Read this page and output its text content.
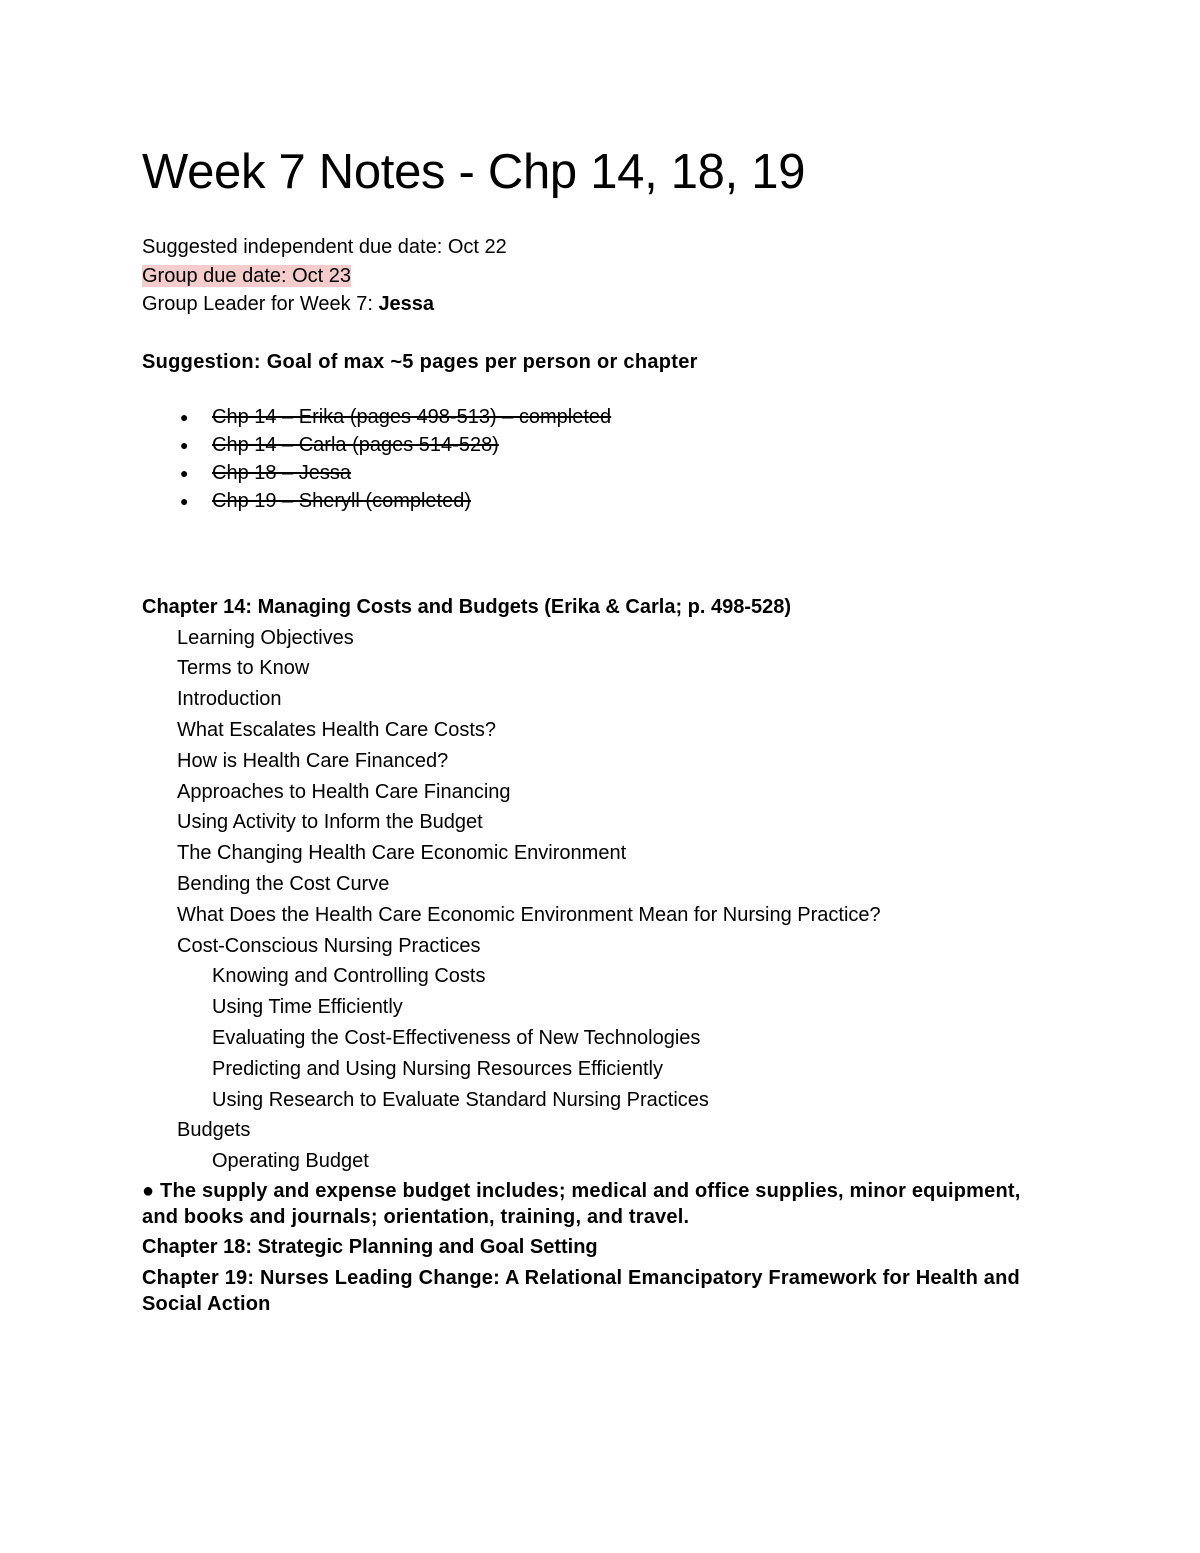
Week 7 Notes - Chp 14, 18, 19
Suggested independent due date: Oct 22
Group due date: Oct 23
Group Leader for Week 7: Jessa
Suggestion: Goal of max ~5 pages per person or chapter
● Chp 14 – Erika (pages 498-513) – completed
● Chp 14 – Carla (pages 514-528)
● Chp 18 – Jessa
● Chp 19 – Sheryll (completed)
Chapter 14: Managing Costs and Budgets (Erika & Carla; p. 498-528)
Learning Objectives
Terms to Know
Introduction
What Escalates Health Care Costs?
How is Health Care Financed?
Approaches to Health Care Financing
Using Activity to Inform the Budget
The Changing Health Care Economic Environment
Bending the Cost Curve
What Does the Health Care Economic Environment Mean for Nursing Practice?
Cost-Conscious Nursing Practices
Knowing and Controlling Costs
Using Time Efficiently
Evaluating the Cost-Effectiveness of New Technologies
Predicting and Using Nursing Resources Efficiently
Using Research to Evaluate Standard Nursing Practices
Budgets
Operating Budget
● The supply and expense budget includes; medical and office supplies, minor equipment, and books and journals; orientation, training, and travel.
Chapter 18: Strategic Planning and Goal Setting
Chapter 19: Nurses Leading Change: A Relational Emancipatory Framework for Health and Social Action
